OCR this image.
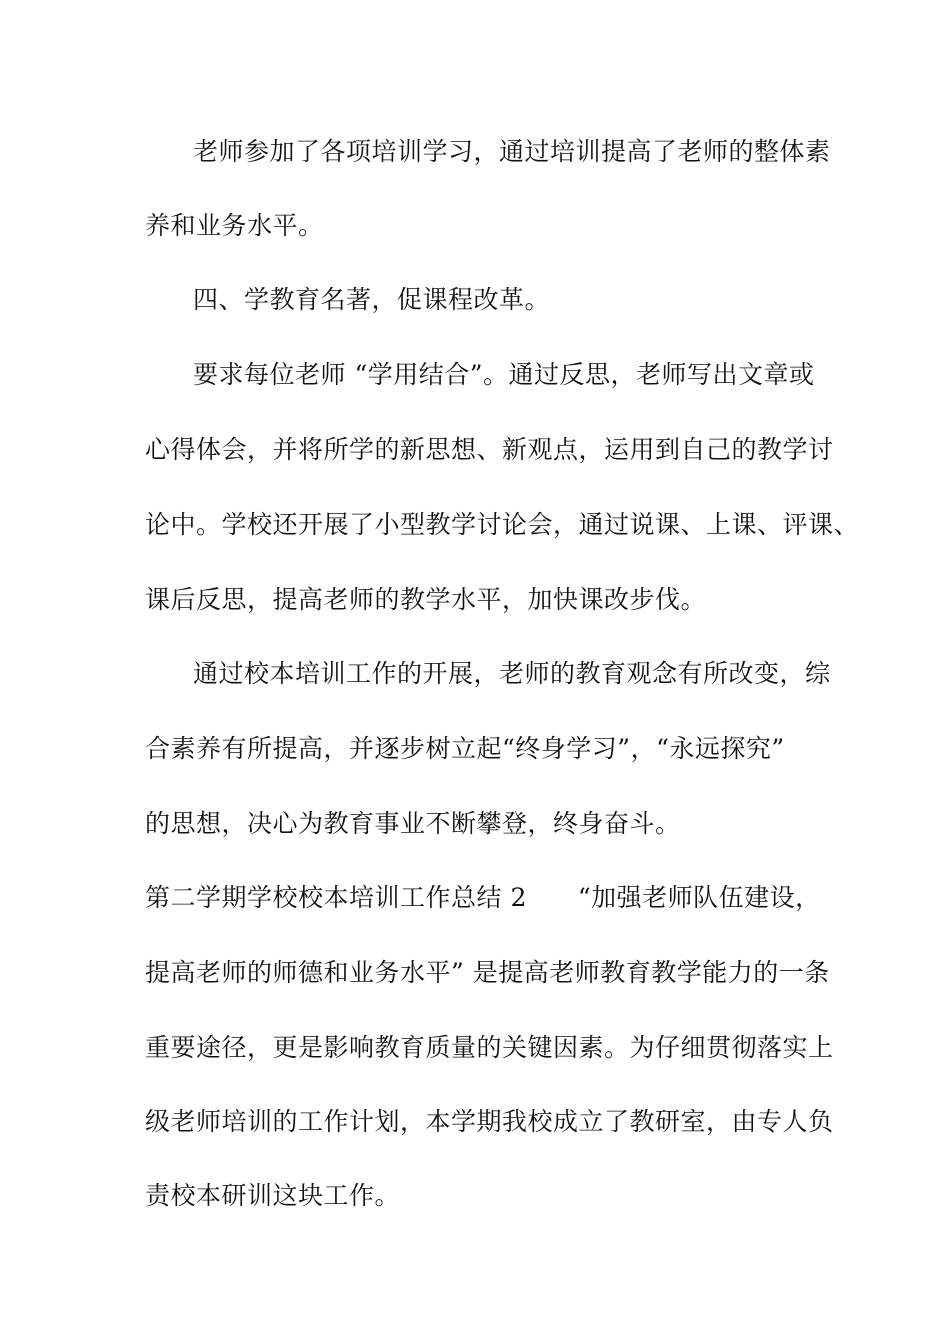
老师参加了各项培训学习，通过培训提高了老师的整体素
养和业务水平。
四、学教育名著，促课程改革。
要求每位老师 “学用结合”。通过反思，老师写出文章或
心得体会，并将所学的新思想、新观点，运用到自己的教学讨
论中。学校还开展了小型教学讨论会，通过说课、上课、评课、
课后反思，提高老师的教学水平，加快课改步伐。
通过校本培训工作的开展，老师的教育观念有所改变，综
合素养有所提高，并逐步树立起“终身学习”，“永远探究”
的思想，决心为教育事业不断攀登，终身奋斗。
第二学期学校校本培训工作总结 2　　“加强老师队伍建设，
提高老师的师德和业务水平” 是提高老师教育教学能力的一条
重要途径，更是影响教育质量的关键因素。为仔细贯彻落实上
级老师培训的工作计划，本学期我校成立了教研室，由专人负
责校本研训这块工作。
